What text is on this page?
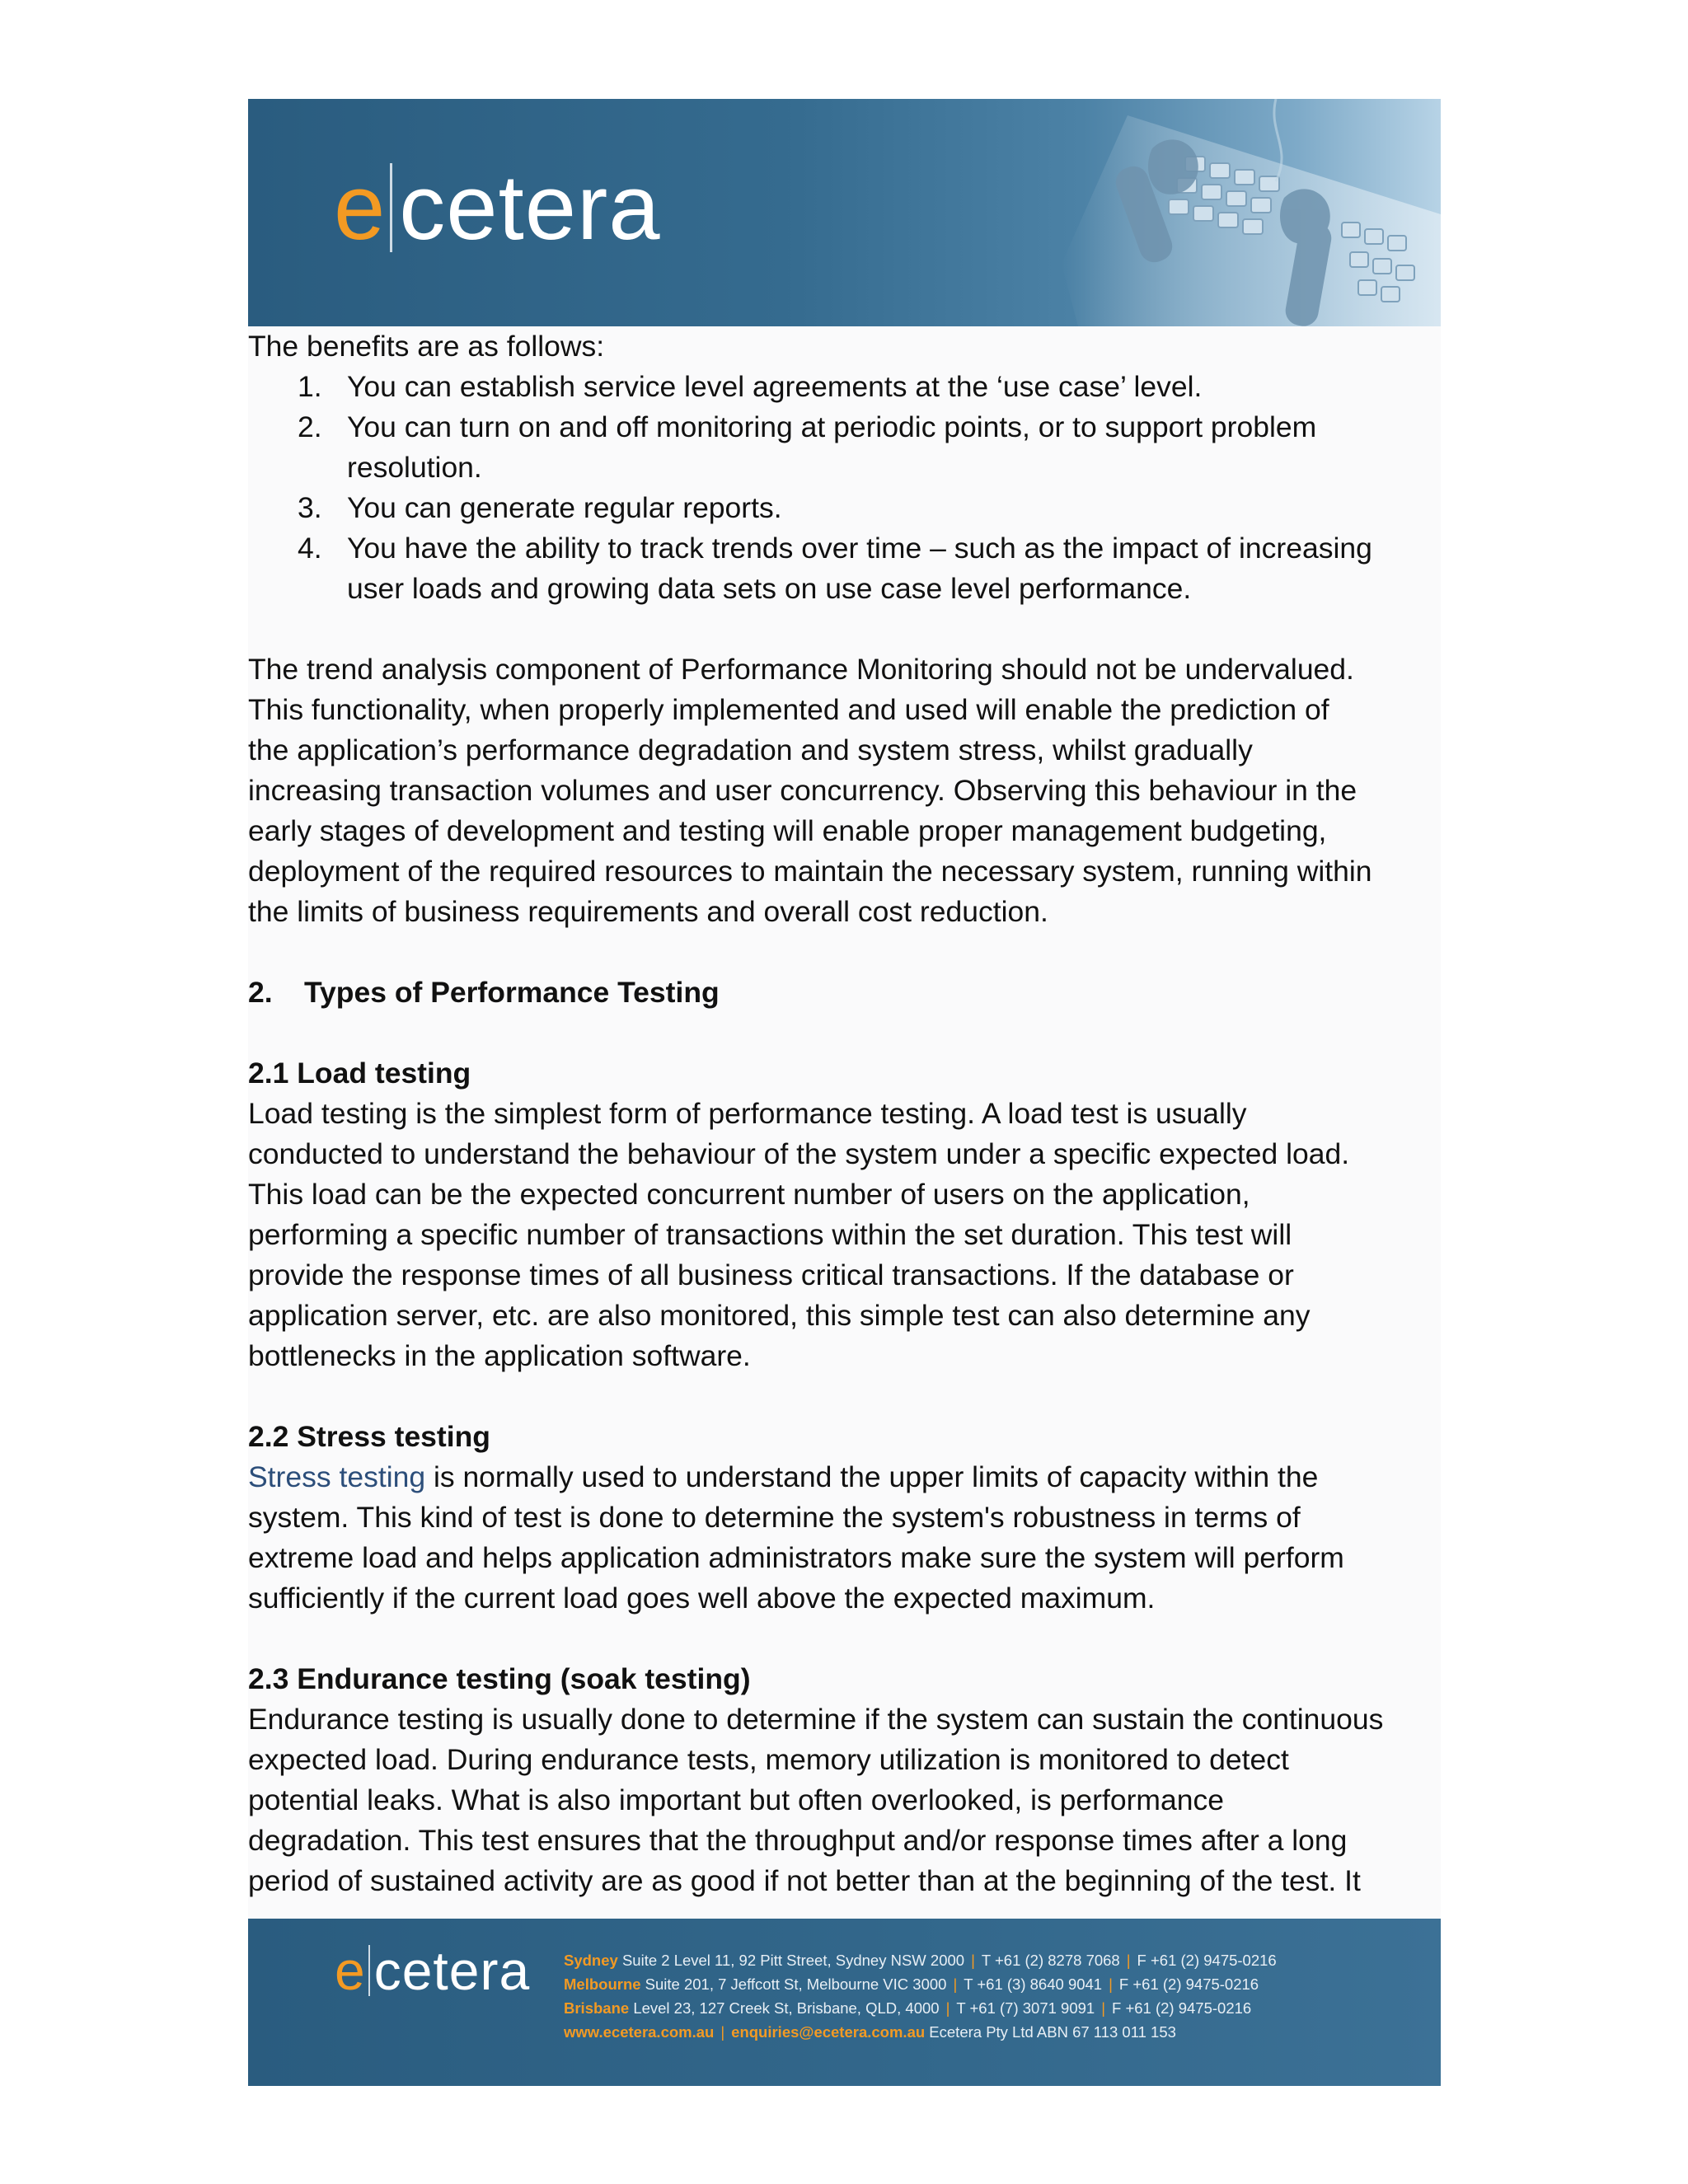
e cetera

The benefits are as follows:

1. You can establish service level agreements at the ‘use case’ level.
2. You can turn on and off monitoring at periodic points, or to support problem
resolution.
3. You can generate regular reports.
4. You have the ability to track trends over time – such as the impact of increasing
user loads and growing data sets on use case level performance.

The trend analysis component of Performance Monitoring should not be undervalued.

This functionality, when properly implemented and used will enable the prediction of

the application’s performance degradation and system stress, whilst gradually

increasing transaction volumes and user concurrency. Observing this behaviour in the

early stages of development and testing will enable proper management budgeting,

deployment of the required resources to maintain the necessary system, running within

the limits of business requirements and overall cost reduction.

2. Types of Performance Testing

2.1 Load testing

Load testing is the simplest form of performance testing. A load test is usually

conducted to understand the behaviour of the system under a specific expected load.

This load can be the expected concurrent number of users on the application,

performing a specific number of transactions within the set duration. This test will

provide the response times of all business critical transactions. If the database or

application server, etc. are also monitored, this simple test can also determine any

bottlenecks in the application software.

2.2 Stress testing

Stress testing is normally used to understand the upper limits of capacity within the

system. This kind of test is done to determine the system's robustness in terms of

extreme load and helps application administrators make sure the system will perform

sufficiently if the current load goes well above the expected maximum.

2.3 Endurance testing (soak testing)

Endurance testing is usually done to determine if the system can sustain the continuous

expected load. During endurance tests, memory utilization is monitored to detect

potential leaks. What is also important but often overlooked, is performance

degradation. This test ensures that the throughput and/or response times after a long

period of sustained activity are as good if not better than at the beginning of the test. It

e cetera Sydney Suite 2 Level 11, 92 Pitt Street, Sydney NSW 2000 | T +61 (2) 8278 7068 | F +61 (2) 9475-0216
Melbourne Suite 201, 7 Jeffcott St, Melbourne VIC 3000 | T +61 (3) 8640 9041 | F +61 (2) 9475-0216
Brisbane Level 23, 127 Creek St, Brisbane, QLD, 4000 | T +61 (7) 3071 9091 | F +61 (2) 9475-0216
www.ecetera.com.au | enquiries@ecetera.com.au Ecetera Pty Ltd ABN 67 113 011 153
